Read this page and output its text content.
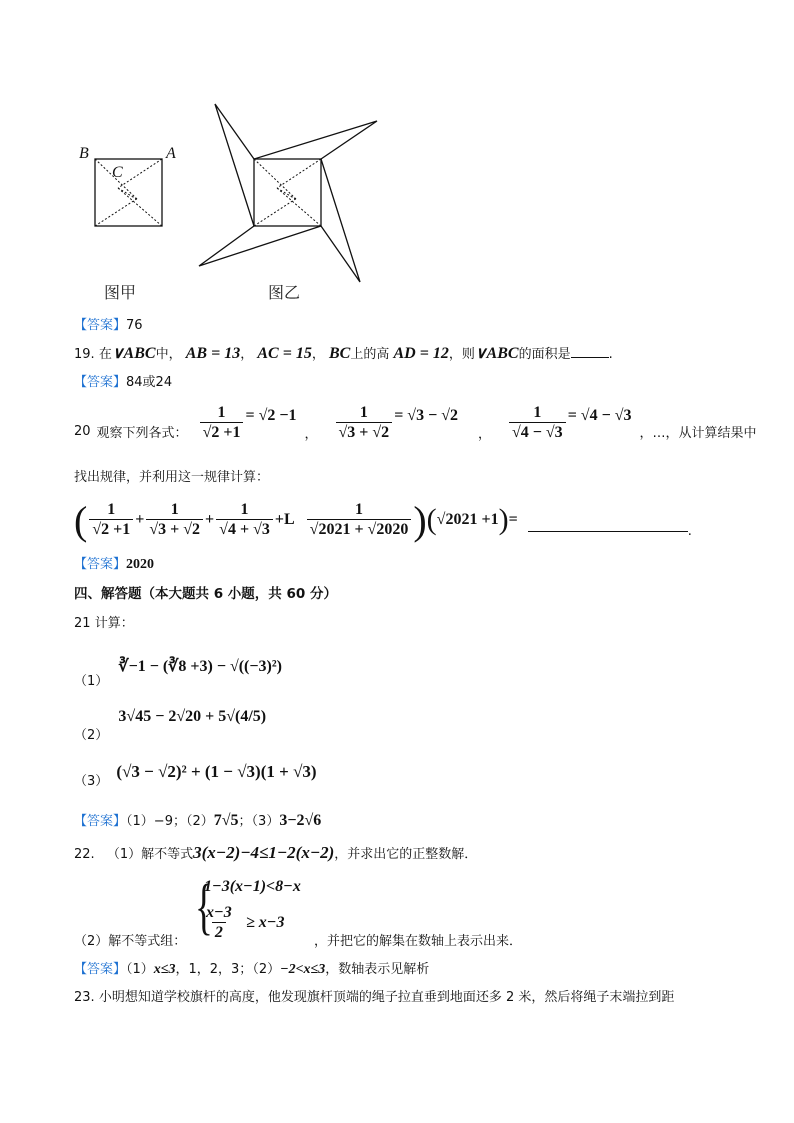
B	A
C
图甲	图乙
【答案】76
19. 在∨ABC中， AB = 13， AC = 15， BC上的高 AD = 12，则∨ABC的面积是	.
【答案】84或24
20 观察下列各式： $\frac{1}{√2 +1} = √2 -1$
， $\frac{1}{√3 + √2} = √3 - √2$
， $\frac{1}{√4 - √3} = √4 - √3$
，…，从计算结果中
找出规律，并利用这一规律计算：
( $\frac{1}{√2 +1} + \frac{1}{√3 + √2} + \frac{1}{√4 + √3} +L \frac{1}{√2021 + √2020}$ ) ( √2021 +1 ) =
.
【答案】2020
四、解答题（本大题共 6 小题，共 60 分）
21 计算：
（1） ∛−1 − (∛8 +3) − √((−3)²)
（2） 3√45 − 2√20 + 5√(4/5)
（3） (√3 − √2)² + (1 − √3)(1 + √3)
【答案】（1）−9；（2）7√5；（3）3−2√6
22. （1）解不等式3(x−2)−4≤1−2(x−2)，并求出它的正整数解．
（2）解不等式组：
{
1−3(x−1)<8−x
$\frac{x-3}{2} \ge x-3$
，并把它的解集在数轴上表示出来．
【答案】（1）x≤3，1，2，3；（2）−2<x≤3，数轴表示见解析
23. 小明想知道学校旗杆的高度，他发现旗杆顶端的绳子拉直垂到地面还多 2 米，然后将绳子末端拉到距
